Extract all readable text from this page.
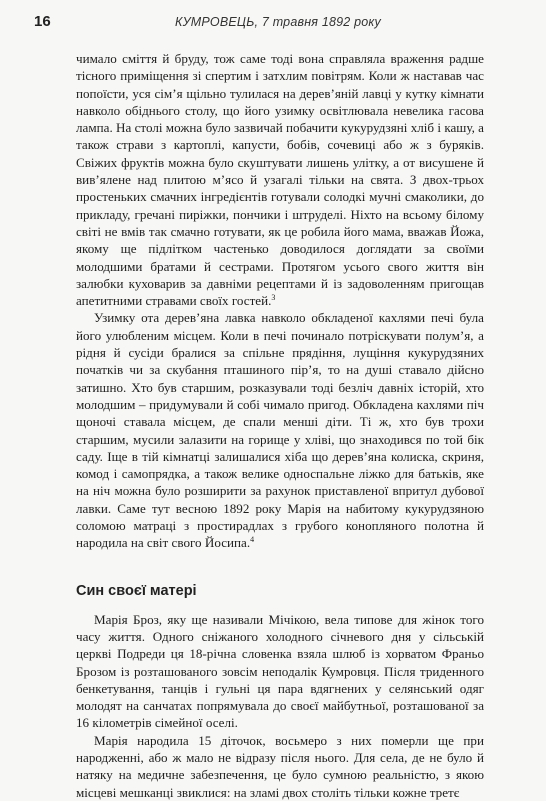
16	КУМРОВЕЦЬ, 7 травня 1892 року

чимало сміття й бруду, тож саме тоді вона справляла враження радше тісного приміщення зі спертим і затхлим повітрям. Коли ж наставав час попоїсти, уся сім’я щільно тулилася на дерев’яній лавці у кутку кімнати навколо обіднього столу, що його узимку освітлювала невелика гасова лампа. На столі можна було зазвичай побачити кукурудзяні хліб і кашу, а також страви з картоплі, капусти, бобів, сочевиці або ж з буряків. Свіжих фруктів можна було скуштувати лишень улітку, а от висушене й вив’ялене над плитою м’ясо й узагалі тільки на свята. З двох-трьох простеньких смачних інгредієнтів готували солодкі мучні смаколики, до прикладу, гречані пиріжки, пончики і штруделі. Ніхто на всьому білому світі не вмів так смачно готувати, як це робила його мама, вважав Йожа, якому ще підлітком частенько доводилося доглядати за своїми молодшими братами й сестрами. Протягом усього свого життя він залюбки куховарив за давніми рецептами й із задоволенням пригощав апетитними стравами своїх гостей.$^3$

Узимку ота дерев’яна лавка навколо обкладеної кахлями печі була його улюбленим місцем. Коли в печі починало потріскувати полум’я, а рідня й сусіди бралися за спільне прядіння, лущіння кукурудзяних початків чи за скубання пташиного пір’я, то на душі ставало дійсно затишно. Хто був старшим, розказували тоді безліч давніх історій, хто молодшим – придумували й собі чимало пригод. Обкладена кахлями піч щоночі ставала місцем, де спали менші діти. Ті ж, хто був трохи старшим, мусили залазити на горище у хліві, що знаходився по той бік саду. Іще в тій кімнатці залишалися хіба що дерев’яна колиска, скриня, комод і самопрядка, а також велике односпальне ліжко для батьків, яке на ніч можна було розширити за рахунок приставленої впритул дубової лавки. Саме тут весною 1892 року Марія на набитому кукурудзяною соломою матраці з простирадлах з грубого конопляного полотна й народила на світ свого Йосипа.$^4$

Син своєї матері

Марія Броз, яку ще називали Мічікою, вела типове для жінок того часу життя. Одного сніжаного холодного січневого дня у сільській церкві Подреди ця 18-річна словенка взяла шлюб із хорватом Франьо Брозом із розташованого зовсім неподалік Кумровця. Після триденного бенкетування, танців і гульні ця пара вдягнених у селянський одяг молодят на санчатах попрямувала до своєї майбутньої, розташованої за 16 кілометрів сімейної оселі.

Марія народила 15 діточок, восьмеро з них померли ще при народженні, або ж мало не відразу після нього. Для села, де не було й натяку на медичне забезпечення, це було сумною реальністю, з якою місцеві мешканці звиклися: на зламі двох століть тільки кожне третє
